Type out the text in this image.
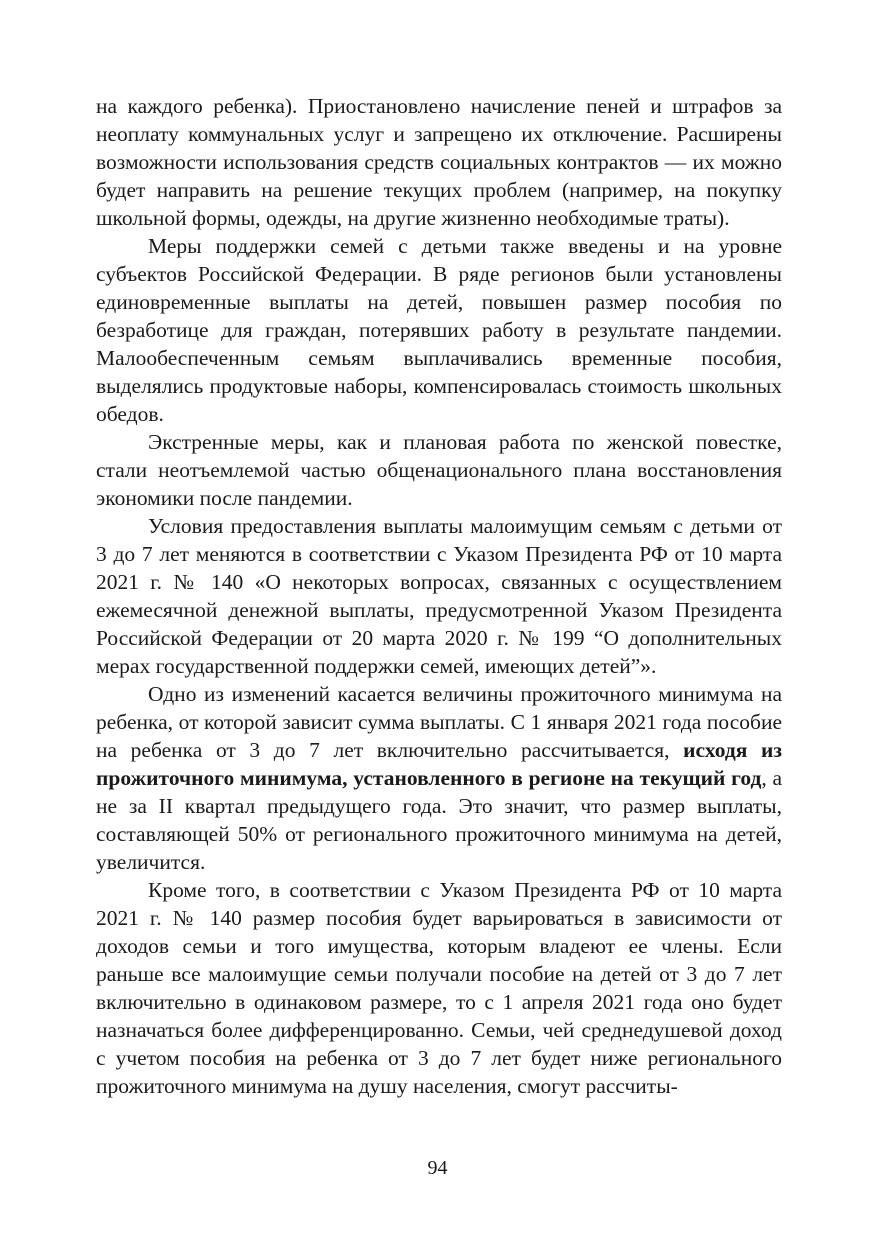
на каждого ребенка). Приостановлено начисление пеней и штрафов за неоплату коммунальных услуг и запрещено их отключение. Расширены возможности использования средств социальных контрактов — их можно будет направить на решение текущих проблем (например, на покупку школьной формы, одежды, на другие жизненно необходимые траты).

Меры поддержки семей с детьми также введены и на уровне субъектов Российской Федерации. В ряде регионов были установлены единовременные выплаты на детей, повышен размер пособия по безработице для граждан, потерявших работу в результате пандемии. Малообеспеченным семьям выплачивались временные пособия, выделялись продуктовые наборы, компенсировалась стоимость школьных обедов.

Экстренные меры, как и плановая работа по женской повестке, стали неотъемлемой частью общенационального плана восстановления экономики после пандемии.

Условия предоставления выплаты малоимущим семьям с детьми от 3 до 7 лет меняются в соответствии с Указом Президента РФ от 10 марта 2021 г. № 140 «О некоторых вопросах, связанных с осуществлением ежемесячной денежной выплаты, предусмотренной Указом Президента Российской Федерации от 20 марта 2020 г. № 199 “О дополнительных мерах государственной поддержки семей, имеющих детей”».

Одно из изменений касается величины прожиточного минимума на ребенка, от которой зависит сумма выплаты. С 1 января 2021 года пособие на ребенка от 3 до 7 лет включительно рассчитывается, исходя из прожиточного минимума, установленного в регионе на текущий год, а не за II квартал предыдущего года. Это значит, что размер выплаты, составляющей 50% от регионального прожиточного минимума на детей, увеличится.

Кроме того, в соответствии с Указом Президента РФ от 10 марта 2021 г. № 140 размер пособия будет варьироваться в зависимости от доходов семьи и того имущества, которым владеют ее члены. Если раньше все малоимущие семьи получали пособие на детей от 3 до 7 лет включительно в одинаковом размере, то с 1 апреля 2021 года оно будет назначаться более дифференцированно. Семьи, чей среднедушевой доход с учетом пособия на ребенка от 3 до 7 лет будет ниже регионального прожиточного минимума на душу населения, смогут рассчиты-

94
